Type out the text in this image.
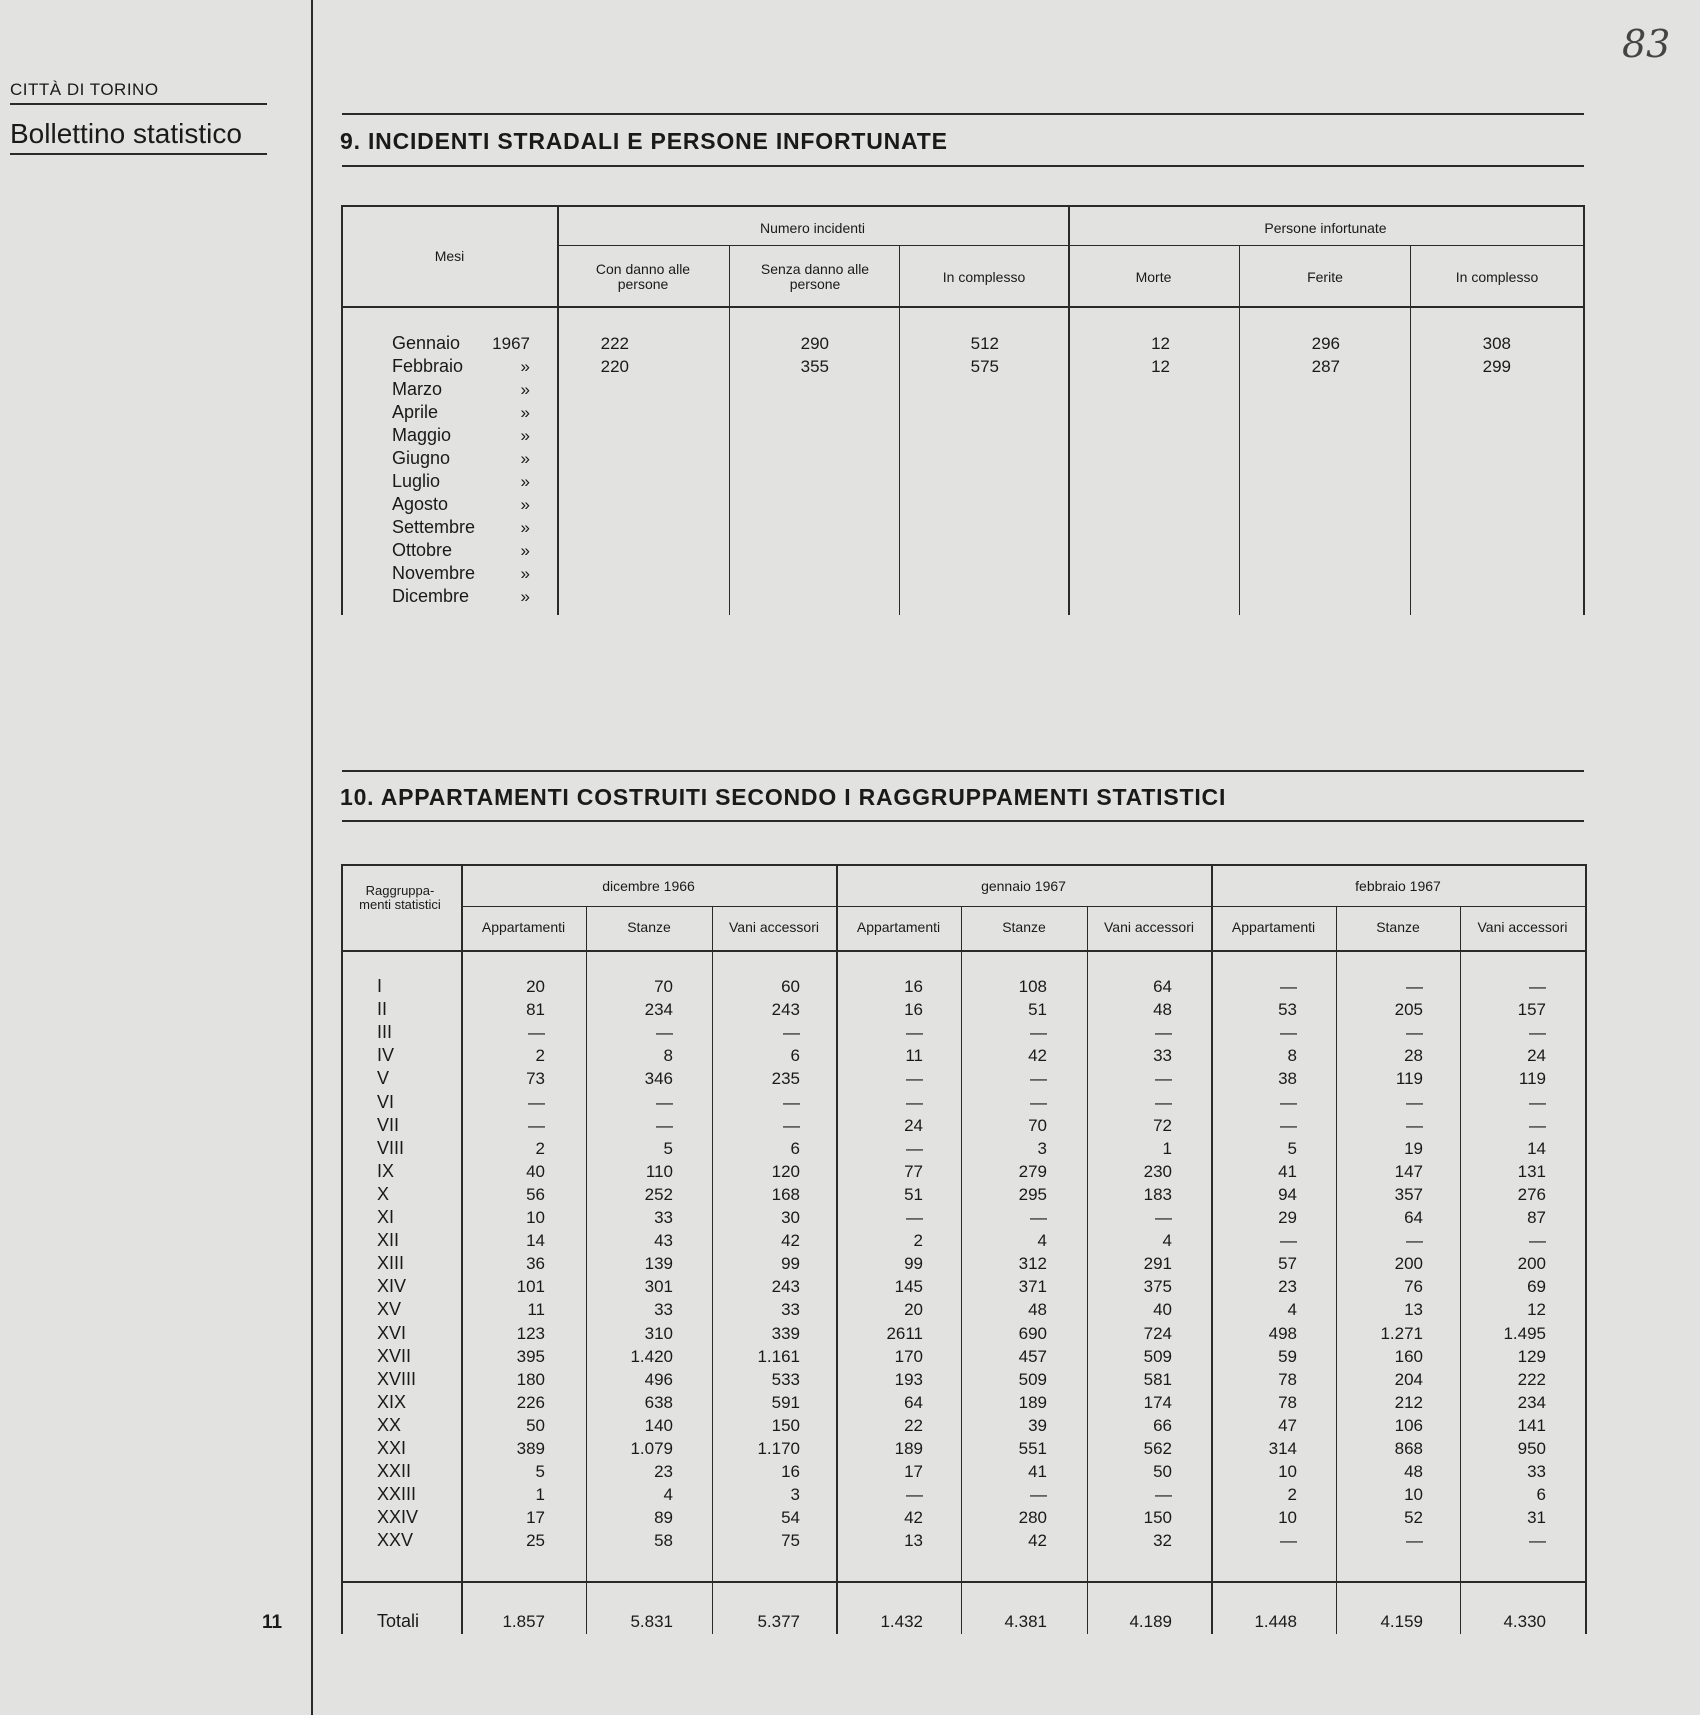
CITTÀ DI TORINO
Bollettino statistico
11
83
9. INCIDENTI STRADALI E PERSONE INFORTUNATE
Mesi
Numero incidenti	Persone infortunate
Con danno alle persone
Senza danno alle persone	In complesso	Morte	Ferite	In complesso
Gennaio	1967	222	290	512	12	296	308
Febbraio	»	220	355	575	12	287	299
Marzo	»
Aprile	»
Maggio	»
Giugno	»
Luglio	»
Agosto	»
Settembre	»
Ottobre	»
Novembre	»
Dicembre	»
10. APPARTAMENTI COSTRUITI SECONDO I RAGGRUPPAMENTI STATISTICI
Raggruppa- menti statistici
dicembre 1966	gennaio 1967	febbraio 1967
Appartamenti	Stanze	Vani accessori	Appartamenti	Stanze	Vani accessori	Appartamenti	Stanze	Vani accessori
I	20	70	60	16	108	64	—	—	—
II	81	234	243	16	51	48	53	205	157
III	—	—	—	—	—	—	—	—	—
IV	2	8	6	11	42	33	8	28	24
V	73	346	235	—	—	—	38	119	119
VI	—	—	—	—	—	—	—	—	—
VII	—	—	—	24	70	72	—	—	—
VIII	2	5	6	—	3	1	5	19	14
IX	40	110	120	77	279	230	41	147	131
X	56	252	168	51	295	183	94	357	276
XI	10	33	30	—	—	—	29	64	87
XII	14	43	42	2	4	4	—	—	—
XIII	36	139	99	99	312	291	57	200	200
XIV	101	301	243	145	371	375	23	76	69
XV	11	33	33	20	48	40	4	13	12
XVI	123	310	339	2611	690	724	498	1.271	1.495
XVII	395	1.420	1.161	170	457	509	59	160	129
XVIII	180	496	533	193	509	581	78	204	222
XIX	226	638	591	64	189	174	78	212	234
XX	50	140	150	22	39	66	47	106	141
XXI	389	1.079	1.170	189	551	562	314	868	950
XXII	5	23	16	17	41	50	10	48	33
XXIII	1	4	3	—	—	—	2	10	6
XXIV	17	89	54	42	280	150	10	52	31
XXV	25	58	75	13	42	32	—	—	—
Totali	1.857	5.831	5.377	1.432	4.381	4.189	1.448	4.159	4.330
